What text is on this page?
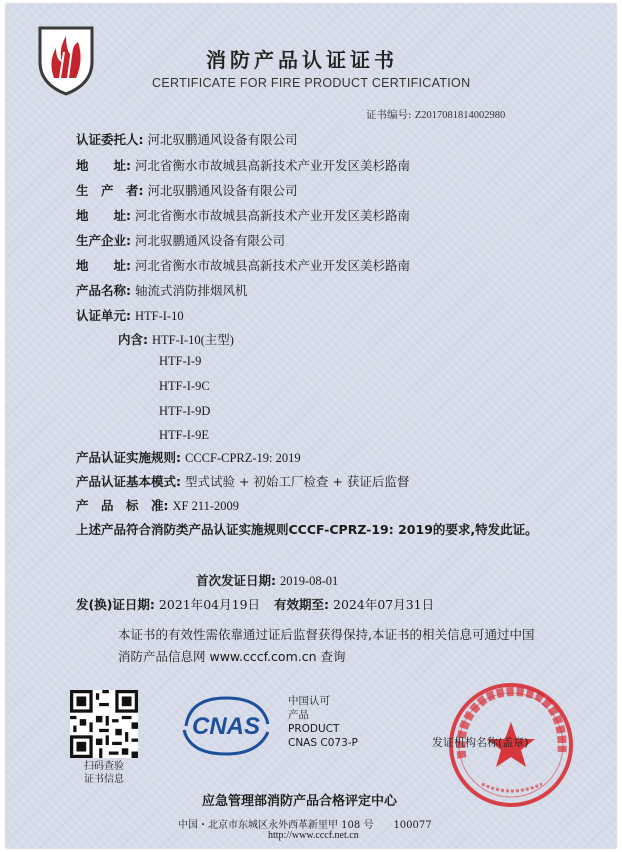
消防产品认证证书
CERTIFICATE FOR FIRE PRODUCT CERTIFICATION
证书编号: Z2017081814002980
认证委托人: 河北驭鹏通风设备有限公司
地　　址: 河北省衡水市故城县高新技术产业开发区美杉路南
生　产　者: 河北驭鹏通风设备有限公司
地　　址: 河北省衡水市故城县高新技术产业开发区美杉路南
生产企业: 河北驭鹏通风设备有限公司
地　　址: 河北省衡水市故城县高新技术产业开发区美杉路南
产品名称: 轴流式消防排烟风机
认证单元: HTF-I-10
内含: HTF-I-10(主型)
HTF-I-9
HTF-I-9C
HTF-I-9D
HTF-I-9E
产品认证实施规则: CCCF-CPRZ-19: 2019
产品认证基本模式: 型式试验 + 初始工厂检查 + 获证后监督
产　品　标　准: XF 211-2009
上述产品符合消防类产品认证实施规则CCCF-CPRZ-19: 2019的要求,特发此证。
首次发证日期: 2019-08-01
发(换)证日期: 2021年04月19日 有效期至: 2024年07月31日
本证书的有效性需依靠通过证后监督获得保持,本证书的相关信息可通过中国消防产品信息网 www.cccf.com.cn 查询
扫码查验
证书信息
CNAS
中国认可
产品
PRODUCT
CNAS C073-P	发证机构名称(盖章)
应急管理部消防产品合格评定中心
中国・北京市东城区永外西革新里甲 108 号　　100077
http://www.cccf.net.cn
